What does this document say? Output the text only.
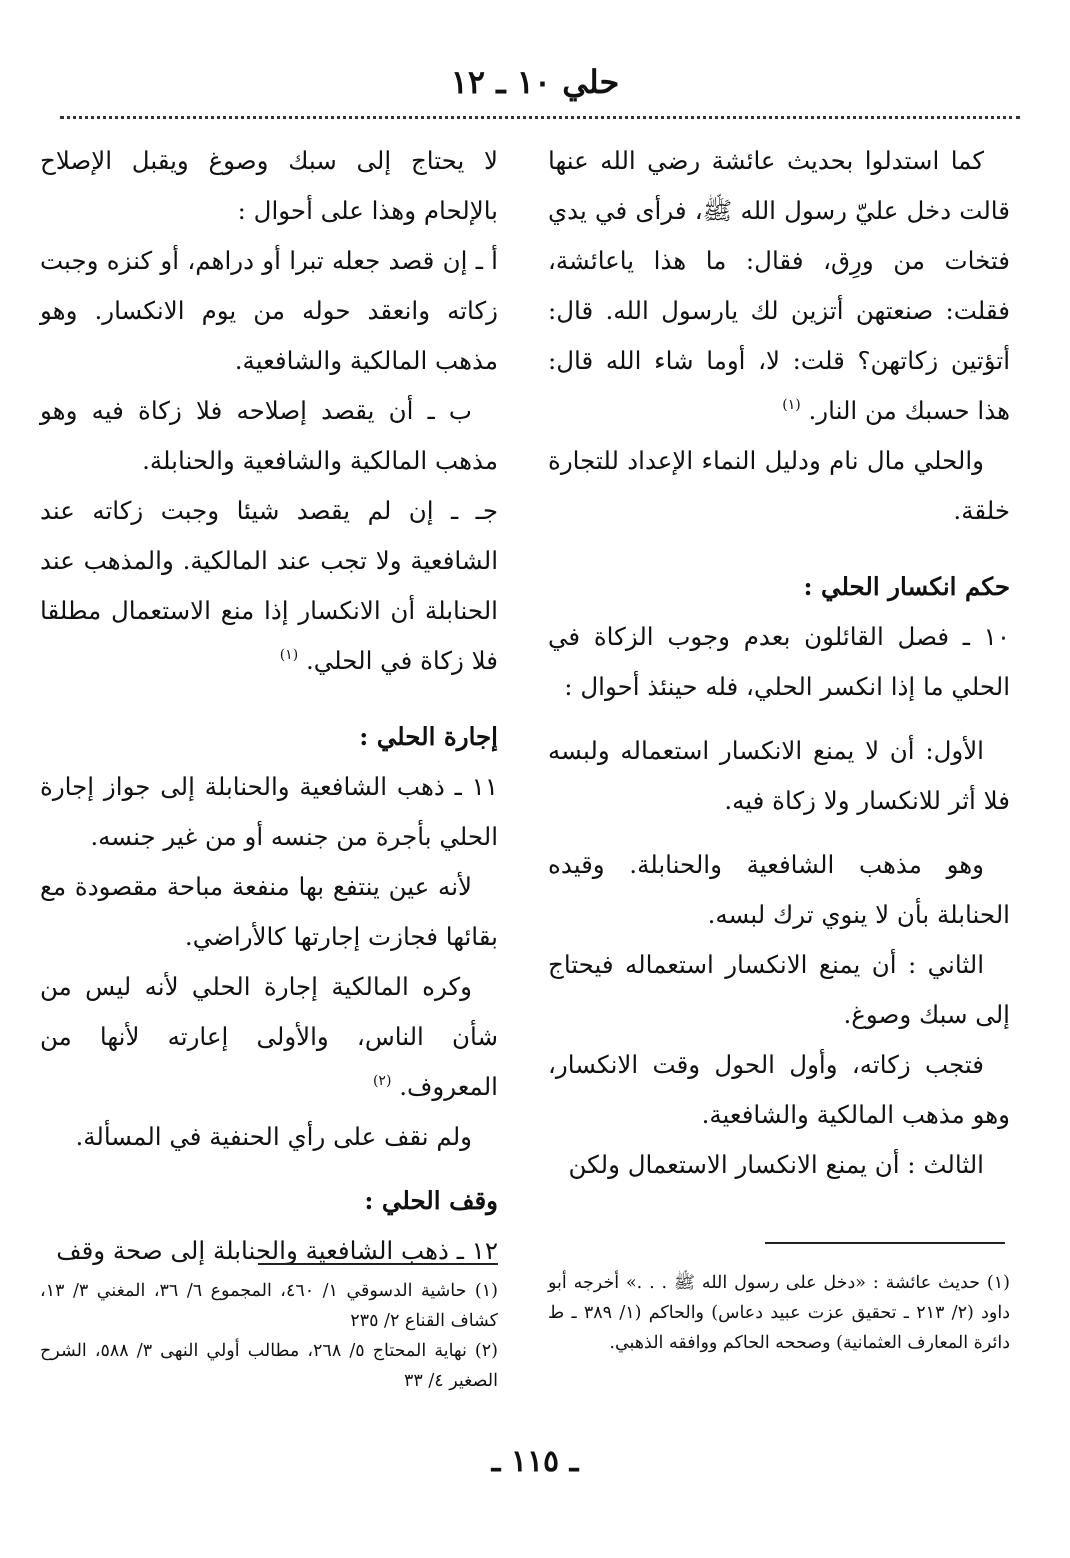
حلي ١٠ ـ ١٢

كما استدلوا بحديث عائشة رضي الله عنها قالت دخل عليّ رسول الله ﷺ، فرأى في يدي فتخات من ورِق، فقال: ما هذا ياعائشة، فقلت: صنعتهن أتزين لك يارسول الله. قال: أتؤتين زكاتهن؟ قلت: لا، أوما شاء الله قال: هذا حسبك من النار. $^{(١)}$

والحلي مال نام ودليل النماء الإعداد للتجارة خلقة.

حكم انكسار الحلي :

١٠ ـ فصل القائلون بعدم وجوب الزكاة في الحلي ما إذا انكسر الحلي، فله حينئذ أحوال :

الأول: أن لا يمنع الانكسار استعماله ولبسه فلا أثر للانكسار ولا زكاة فيه.

وهو مذهب الشافعية والحنابلة. وقيده الحنابلة بأن لا ينوي ترك لبسه.

الثاني : أن يمنع الانكسار استعماله فيحتاج إلى سبك وصوغ.

فتجب زكاته، وأول الحول وقت الانكسار، وهو مذهب المالكية والشافعية.

الثالث : أن يمنع الانكسار الاستعمال ولكن

لا يحتاج إلى سبك وصوغ ويقبل الإصلاح بالإلحام وهذا على أحوال :

أ ـ إن قصد جعله تبرا أو دراهم، أو كنزه وجبت زكاته وانعقد حوله من يوم الانكسار. وهو مذهب المالكية والشافعية.

ب ـ أن يقصد إصلاحه فلا زكاة فيه وهو مذهب المالكية والشافعية والحنابلة.

جـ ـ إن لم يقصد شيئا وجبت زكاته عند الشافعية ولا تجب عند المالكية. والمذهب عند الحنابلة أن الانكسار إذا منع الاستعمال مطلقا فلا زكاة في الحلي. $^{(١)}$

إجارة الحلي :

١١ ـ ذهب الشافعية والحنابلة إلى جواز إجارة الحلي بأجرة من جنسه أو من غير جنسه.

لأنه عين ينتفع بها منفعة مباحة مقصودة مع بقائها فجازت إجارتها كالأراضي.

وكره المالكية إجارة الحلي لأنه ليس من شأن الناس، والأولى إعارته لأنها من المعروف. $^{(٢)}$

ولم نقف على رأي الحنفية في المسألة.

وقف الحلي :

١٢ ـ ذهب الشافعية والحنابلة إلى صحة وقف

(١) حديث عائشة : «دخل على رسول الله ﷺ . . .» أخرجه أبو داود (٢/ ٢١٣ ـ تحقيق عزت عبيد دعاس) والحاكم (١/ ٣٨٩ ـ ط دائرة المعارف العثمانية) وصححه الحاكم ووافقه الذهبي.

(١) حاشية الدسوقي ١/ ٤٦٠، المجموع ٦/ ٣٦، المغني ٣/ ١٣، كشاف القناع ٢/ ٢٣٥

(٢) نهاية المحتاج ٥/ ٢٦٨، مطالب أولي النهى ٣/ ٥٨٨، الشرح الصغير ٤/ ٣٣

ـ ١١٥ ـ
